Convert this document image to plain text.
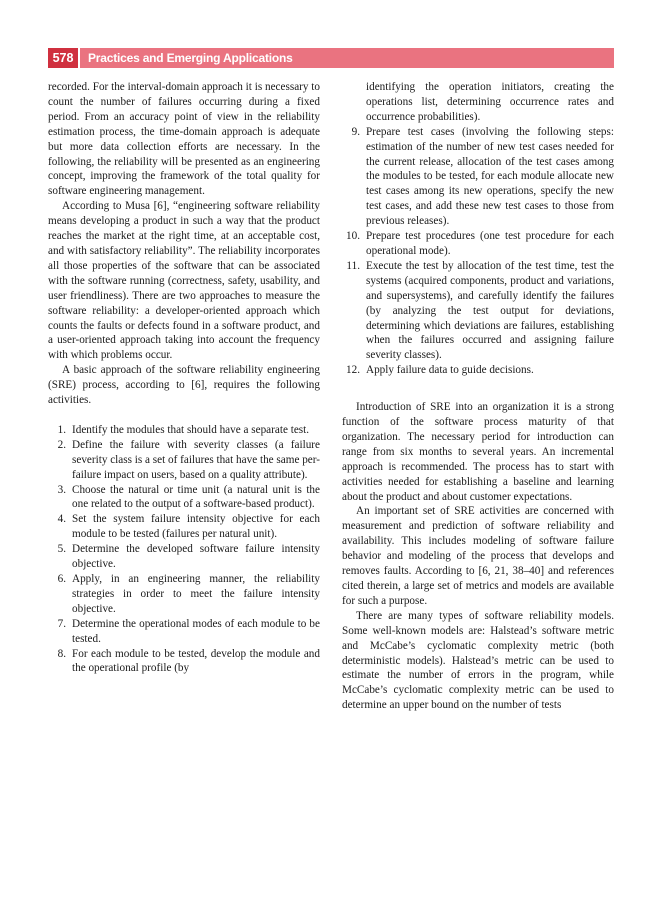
578	Practices and Emerging Applications

recorded. For the interval-domain approach it is necessary to count the number of failures occurring during a fixed period. From an accuracy point of view in the reliability estimation process, the time-domain approach is adequate but more data collection efforts are necessary. In the following, the reliability will be presented as an engineering concept, improving the framework of the total quality for software engineering management.

According to Musa [6], “engineering software reliability means developing a product in such a way that the product reaches the market at the right time, at an acceptable cost, and with satisfactory reliability”. The reliability incorporates all those properties of the software that can be associated with the software running (correctness, safety, usability, and user friendliness). There are two approaches to measure the software reliability: a developer-oriented approach which counts the faults or defects found in a software product, and a user-oriented approach taking into account the frequency with which problems occur.

A basic approach of the software reliability engineering (SRE) process, according to [6], requires the following activities.

1. Identify the modules that should have a separate test.
2. Define the failure with severity classes (a failure severity class is a set of failures that have the same per-failure impact on users, based on a quality attribute).
3. Choose the natural or time unit (a natural unit is the one related to the output of a software-based product).
4. Set the system failure intensity objective for each module to be tested (failures per natural unit).
5. Determine the developed software failure intensity objective.
6. Apply, in an engineering manner, the reliability strategies in order to meet the failure intensity objective.
7. Determine the operational modes of each module to be tested.
8. For each module to be tested, develop the module and the operational profile (by
identifying the operation initiators, creating the operations list, determining occurrence rates and occurrence probabilities).
9. Prepare test cases (involving the following steps: estimation of the number of new test cases needed for the current release, allocation of the test cases among the modules to be tested, for each module allocate new test cases among its new operations, specify the new test cases, and add these new test cases to those from previous releases).
10. Prepare test procedures (one test procedure for each operational mode).
11. Execute the test by allocation of the test time, test the systems (acquired components, product and variations, and supersystems), and carefully identify the failures (by analyzing the test output for deviations, determining which deviations are failures, establishing when the failures occurred and assigning failure severity classes).
12. Apply failure data to guide decisions.

Introduction of SRE into an organization it is a strong function of the software process maturity of that organization. The necessary period for introduction can range from six months to several years. An incremental approach is recommended. The process has to start with activities needed for establishing a baseline and learning about the product and about customer expectations.

An important set of SRE activities are concerned with measurement and prediction of software reliability and availability. This includes modeling of software failure behavior and modeling of the process that develops and removes faults. According to [6, 21, 38–40] and references cited therein, a large set of metrics and models are available for such a purpose.

There are many types of software reliability models. Some well-known models are: Halstead’s software metric and McCabe’s cyclomatic complexity metric (both deterministic models). Halstead’s metric can be used to estimate the number of errors in the program, while McCabe’s cyclomatic complexity metric can be used to determine an upper bound on the number of tests
